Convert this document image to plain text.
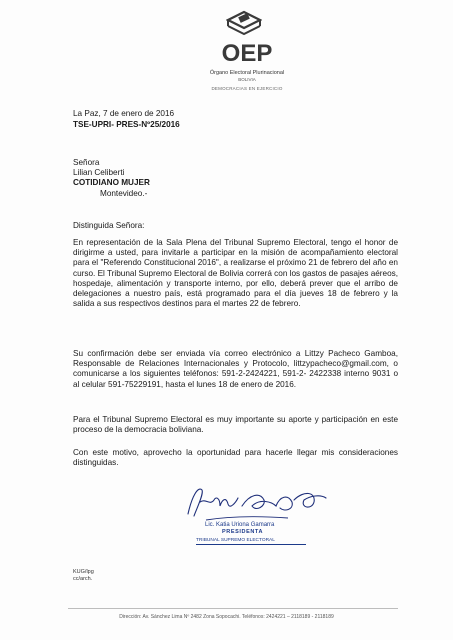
OEP
Órgano Electoral Plurinacional
BOLIVIA
DEMOCRACIAS EN EJERCICIO
La Paz, 7 de enero de 2016
TSE-UPRI- PRES-Nº25/2016
Señora
Lilian Celiberti
COTIDIANO MUJER
Montevideo.-
Distinguida Señora:
En representación de la Sala Plena del Tribunal Supremo Electoral, tengo el honor de dirigirme a usted, para invitarle a participar en la misión de acompañamiento electoral para el "Referendo Constitucional 2016", a realizarse el próximo 21 de febrero del año en curso. El Tribunal Supremo Electoral de Bolivia correrá con los gastos de pasajes aéreos, hospedaje, alimentación y transporte interno, por ello, deberá prever que el arribo de delegaciones a nuestro país, está programado para el día jueves 18 de febrero y la salida a sus respectivos destinos para el martes 22 de febrero.
Su confirmación debe ser enviada vía correo electrónico a Littzy Pacheco Gamboa, Responsable de Relaciones Internacionales y Protocolo, littzypacheco@gmail.com, o comunicarse a los siguientes teléfonos: 591-2-2424221, 591-2- 2422338 interno 9031 o al celular 591-75229191, hasta el lunes 18 de enero de 2016.
Para el Tribunal Supremo Electoral es muy importante su aporte y participación en este proceso de la democracia boliviana.
Con este motivo, aprovecho la oportunidad para hacerle llegar mis consideraciones distinguidas.
Lic. Katia Uriona Gamarra
PRESIDENTA
TRIBUNAL SUPREMO ELECTORAL
KUG/lpg
cc/arch.
Dirección: Av. Sánchez Lima Nº 2482 Zona Sopocachi. Teléfonos: 2424221 – 2118189 - 2118189
